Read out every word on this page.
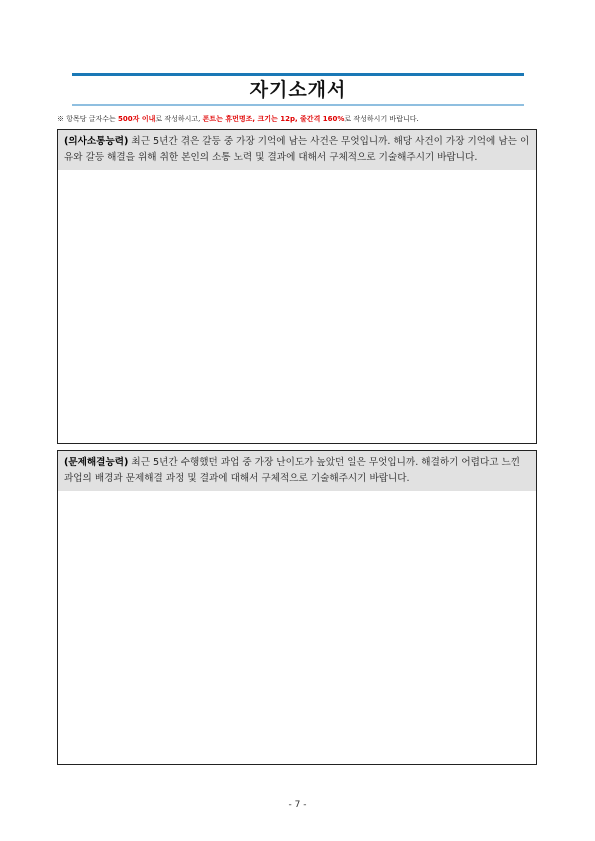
자기소개서
※ 항목당 글자수는 500자 이내로 작성하시고, 폰트는 휴먼명조, 크기는 12p, 줄간격 160%로 작성하시기 바랍니다.
(의사소통능력) 최근 5년간 겪은 갈등 중 가장 기억에 남는 사건은 무엇입니까. 해당 사건이 가장 기억에 남는 이유와 갈등 해결을 위해 취한 본인의 소통 노력 및 결과에 대해서 구체적으로 기술해주시기 바랍니다.
(문제해결능력) 최근 5년간 수행했던 과업 중 가장 난이도가 높았던 일은 무엇입니까. 해결하기 어렵다고 느낀 과업의 배경과 문제해결 과정 및 결과에 대해서 구체적으로 기술해주시기 바랍니다.
- 7 -
